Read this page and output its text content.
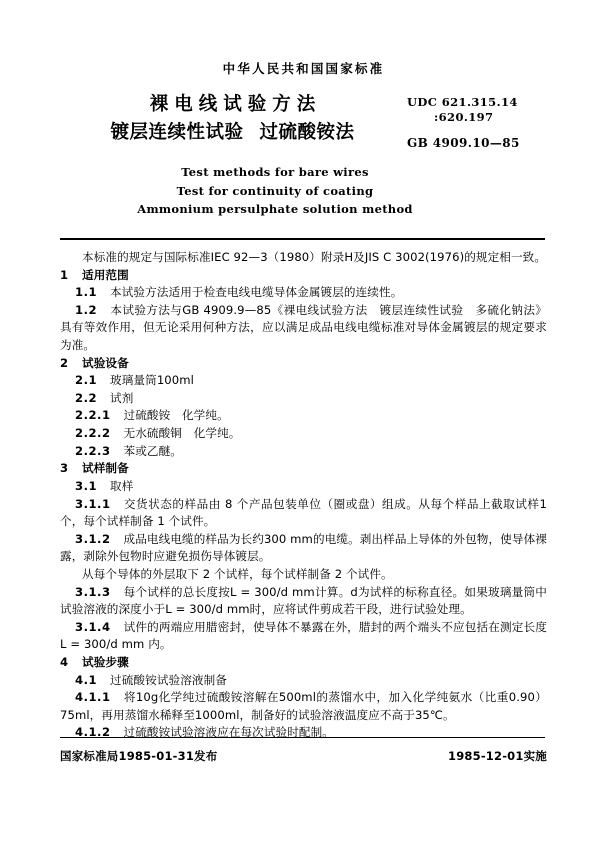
中华人民共和国国家标准
裸电线试验方法
镀层连续性试验 过硫酸铵法
UDC 621.315.14
:620.197
GB 4909.10—85
Test methods for bare wires
Test for continuity of coating
Ammonium persulphate solution method

本标准的规定与国际标准IEC 92—3（1980）附录H及JIS C 3002(1976)的规定相一致。

1 适用范围

1.1 本试验方法适用于检查电线电缆导体金属镀层的连续性。

1.2 本试验方法与GB 4909.9—85《裸电线试验方法　镀层连续性试验　多硫化钠法》具有等效作用，但无论采用何种方法，应以满足成品电线电缆标准对导体金属镀层的规定要求为准。

2 试验设备

2.1 玻璃量筒100ml

2.2 试剂

2.2.1 过硫酸铵　化学纯。

2.2.2 无水硫酸铜　化学纯。

2.2.3 苯或乙醚。

3 试样制备

3.1 取样

3.1.1 交货状态的样品由 8 个产品包装单位（圈或盘）组成。从每个样品上截取试样1个，每个试样制备 1 个试件。

3.1.2 成品电线电缆的样品为长约300 mm的电缆。剥出样品上导体的外包物，使导体裸露，剥除外包物时应避免损伤导体镀层。

从每个导体的外层取下 2 个试样，每个试样制备 2 个试件。

3.1.3 每个试样的总长度按L = 300/d mm计算。d为试样的标称直径。如果玻璃量筒中试验溶液的深度小于L = 300/d mm时，应将试件剪成若干段，进行试验处理。

3.1.4 试件的两端应用腊密封，使导体不暴露在外，腊封的两个端头不应包括在测定长度L = 300/d mm 内。

4 试验步骤

4.1 过硫酸铵试验溶液制备

4.1.1 将10g化学纯过硫酸铵溶解在500ml的蒸馏水中，加入化学纯氨水（比重0.90）75ml，再用蒸馏水稀释至1000ml，制备好的试验溶液温度应不高于35℃。

4.1.2 过硫酸铵试验溶液应在每次试验时配制。

国家标准局1985-01-31发布	1985-12-01实施
